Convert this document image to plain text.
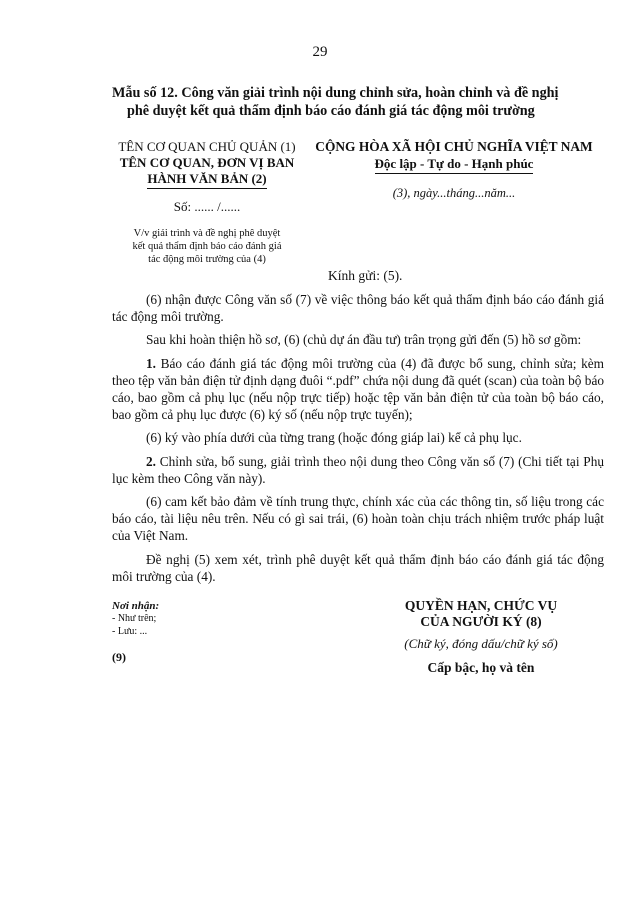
29
Mẫu số 12. Công văn giải trình nội dung chỉnh sửa, hoàn chỉnh và đề nghị
phê duyệt kết quả thẩm định báo cáo đánh giá tác động môi trường
TÊN CƠ QUAN CHỦ QUẢN (1)
TÊN CƠ QUAN, ĐƠN VỊ BAN
HÀNH VĂN BẢN (2)
Số: ...... /......
V/v giải trình và đề nghị phê duyệt
kết quả thẩm định báo cáo đánh giá
tác động môi trường của (4)
CỘNG HÒA XÃ HỘI CHỦ NGHĨA VIỆT NAM
Độc lập - Tự do - Hạnh phúc
(3), ngày...tháng...năm...
Kính gửi: (5).

(6) nhận được Công văn số (7) về việc thông báo kết quả thẩm định báo cáo đánh giá tác động môi trường.

Sau khi hoàn thiện hồ sơ, (6) (chủ dự án đầu tư) trân trọng gửi đến (5) hồ sơ gồm:

1. Báo cáo đánh giá tác động môi trường của (4) đã được bổ sung, chỉnh sửa; kèm theo tệp văn bản điện tử định dạng đuôi “.pdf” chứa nội dung đã quét (scan) của toàn bộ báo cáo, bao gồm cả phụ lục (nếu nộp trực tiếp) hoặc tệp văn bản điện tử của toàn bộ báo cáo, bao gồm cả phụ lục được (6) ký số (nếu nộp trực tuyến);

(6) ký vào phía dưới của từng trang (hoặc đóng giáp lai) kể cả phụ lục.

2. Chỉnh sửa, bổ sung, giải trình theo nội dung theo Công văn số (7) (Chi tiết tại Phụ lục kèm theo Công văn này).

(6) cam kết bảo đảm về tính trung thực, chính xác của các thông tin, số liệu trong các báo cáo, tài liệu nêu trên. Nếu có gì sai trái, (6) hoàn toàn chịu trách nhiệm trước pháp luật của Việt Nam.

Đề nghị (5) xem xét, trình phê duyệt kết quả thẩm định báo cáo đánh giá tác động môi trường của (4).

Nơi nhận:
- Như trên;
- Lưu: ...
(9)
QUYỀN HẠN, CHỨC VỤ
CỦA NGƯỜI KÝ (8)
(Chữ ký, đóng dấu/chữ ký số)
Cấp bậc, họ và tên
